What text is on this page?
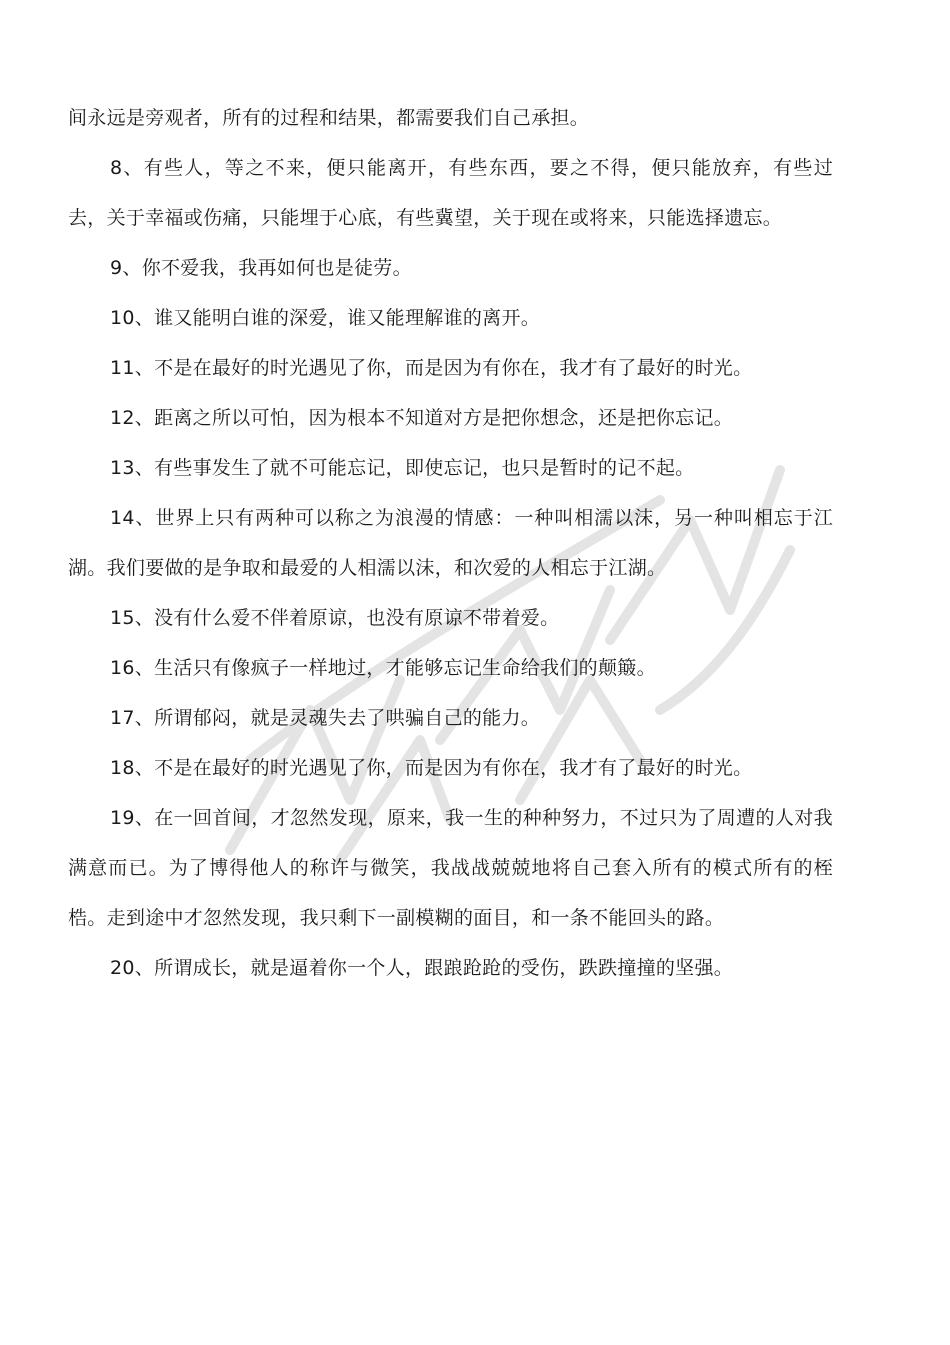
间永远是旁观者，所有的过程和结果，都需要我们自己承担。

8、有些人，等之不来，便只能离开，有些东西，要之不得，便只能放弃，有些过去，关于幸福或伤痛，只能埋于心底，有些冀望，关于现在或将来，只能选择遗忘。

9、你不爱我，我再如何也是徒劳。

10、谁又能明白谁的深爱，谁又能理解谁的离开。

11、不是在最好的时光遇见了你，而是因为有你在，我才有了最好的时光。

12、距离之所以可怕，因为根本不知道对方是把你想念，还是把你忘记。

13、有些事发生了就不可能忘记，即使忘记，也只是暂时的记不起。

14、世界上只有两种可以称之为浪漫的情感：一种叫相濡以沫，另一种叫相忘于江湖。我们要做的是争取和最爱的人相濡以沫，和次爱的人相忘于江湖。

15、没有什么爱不伴着原谅，也没有原谅不带着爱。

16、生活只有像疯子一样地过，才能够忘记生命给我们的颠簸。

17、所谓郁闷，就是灵魂失去了哄骗自己的能力。

18、不是在最好的时光遇见了你，而是因为有你在，我才有了最好的时光。

19、在一回首间，才忽然发现，原来，我一生的种种努力，不过只为了周遭的人对我满意而已。为了博得他人的称许与微笑，我战战兢兢地将自己套入所有的模式所有的桎梏。走到途中才忽然发现，我只剩下一副模糊的面目，和一条不能回头的路。

20、所谓成长，就是逼着你一个人，跟踉跄跄的受伤，跌跌撞撞的坚强。
